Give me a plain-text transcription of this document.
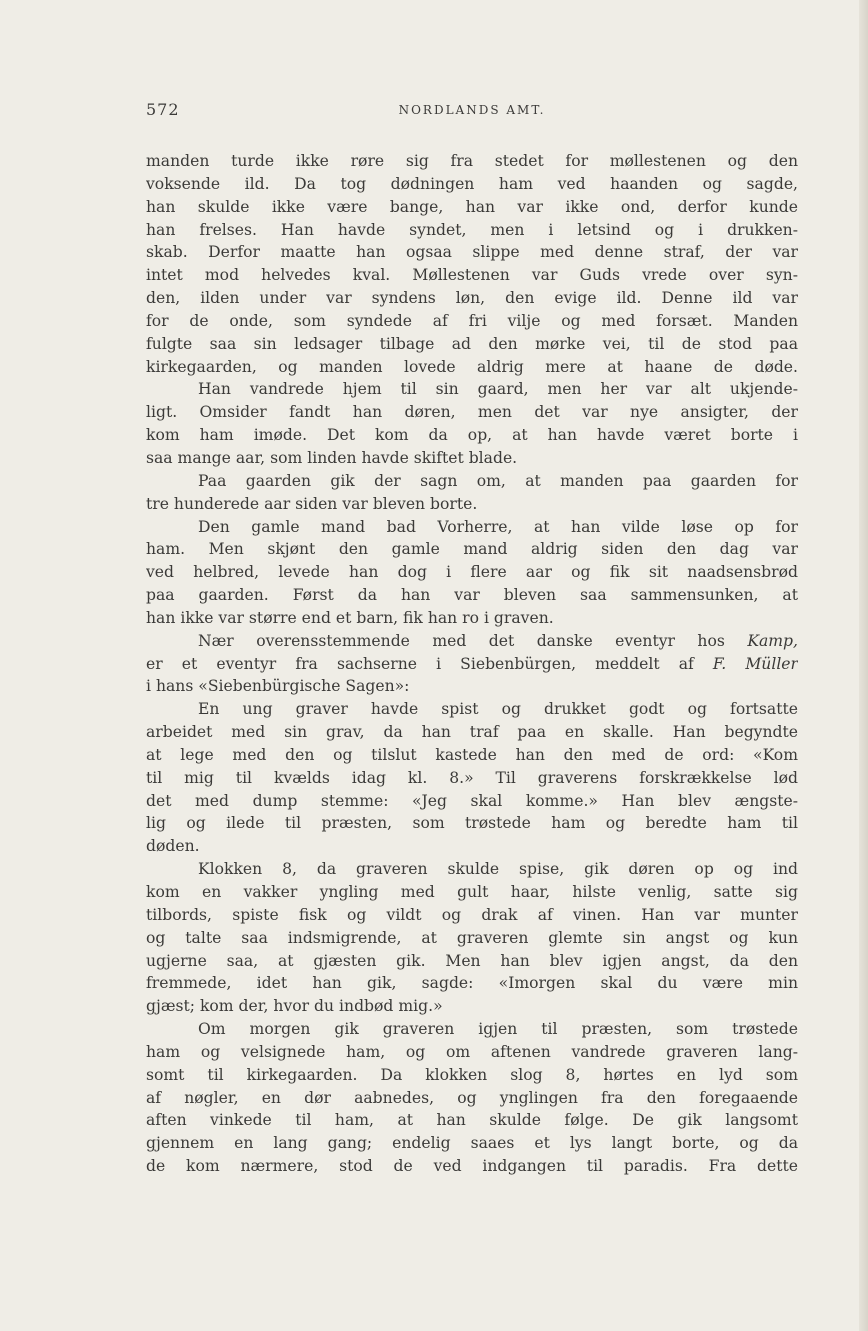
572	NORDLANDS AMT.
manden turde ikke røre sig fra stedet for møllestenen og den
voksende ild. Da tog dødningen ham ved haanden og sagde,
han skulde ikke være bange, han var ikke ond, derfor kunde
han frelses. Han havde syndet, men i letsind og i drukken-
skab. Derfor maatte han ogsaa slippe med denne straf, der var
intet mod helvedes kval. Møllestenen var Guds vrede over syn-
den, ilden under var syndens løn, den evige ild. Denne ild var
for de onde, som syndede af fri vilje og med forsæt. Manden
fulgte saa sin ledsager tilbage ad den mørke vei, til de stod paa
kirkegaarden, og manden lovede aldrig mere at haane de døde.
Han vandrede hjem til sin gaard, men her var alt ukjende-
ligt. Omsider fandt han døren, men det var nye ansigter, der
kom ham imøde. Det kom da op, at han havde været borte i
saa mange aar, som linden havde skiftet blade.
Paa gaarden gik der sagn om, at manden paa gaarden for
tre hunderede aar siden var bleven borte.
Den gamle mand bad Vorherre, at han vilde løse op for
ham. Men skjønt den gamle mand aldrig siden den dag var
ved helbred, levede han dog i flere aar og fik sit naadsensbrød
paa gaarden. Først da han var bleven saa sammensunken, at
han ikke var større end et barn, fik han ro i graven.
Nær overensstemmende med det danske eventyr hos Kamp,
er et eventyr fra sachserne i Siebenbürgen, meddelt af F. Müller
i hans «Siebenbürgische Sagen»:
En ung graver havde spist og drukket godt og fortsatte
arbeidet med sin grav, da han traf paa en skalle. Han begyndte
at lege med den og tilslut kastede han den med de ord: «Kom
til mig til kvælds idag kl. 8.» Til graverens forskrækkelse lød
det med dump stemme: «Jeg skal komme.» Han blev ængste-
lig og ilede til præsten, som trøstede ham og beredte ham til
døden.
Klokken 8, da graveren skulde spise, gik døren op og ind
kom en vakker yngling med gult haar, hilste venlig, satte sig
tilbords, spiste fisk og vildt og drak af vinen. Han var munter
og talte saa indsmigrende, at graveren glemte sin angst og kun
ugjerne saa, at gjæsten gik. Men han blev igjen angst, da den
fremmede, idet han gik, sagde: «Imorgen skal du være min
gjæst; kom der, hvor du indbød mig.»
Om morgen gik graveren igjen til præsten, som trøstede
ham og velsignede ham, og om aftenen vandrede graveren lang-
somt til kirkegaarden. Da klokken slog 8, hørtes en lyd som
af nøgler, en dør aabnedes, og ynglingen fra den foregaaende
aften vinkede til ham, at han skulde følge. De gik langsomt
gjennem en lang gang; endelig saaes et lys langt borte, og da
de kom nærmere, stod de ved indgangen til paradis. Fra dette
